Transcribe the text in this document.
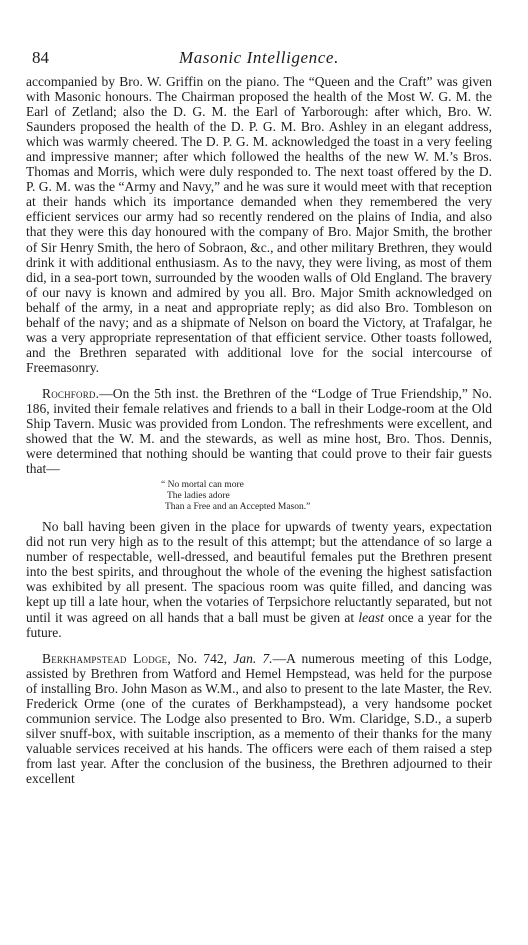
84	Masonic Intelligence.

accompanied by Bro. W. Griffin on the piano. The “Queen and the Craft” was given with Masonic honours. The Chairman proposed the health of the Most W. G. M. the Earl of Zetland; also the D. G. M. the Earl of Yarborough: after which, Bro. W. Saunders proposed the health of the D. P. G. M. Bro. Ashley in an elegant address, which was warmly cheered. The D. P. G. M. acknowledged the toast in a very feeling and impressive manner; after which followed the healths of the new W. M.’s Bros. Thomas and Morris, which were duly responded to. The next toast offered by the D. P. G. M. was the “Army and Navy,” and he was sure it would meet with that reception at their hands which its importance demanded when they remembered the very efficient services our army had so recently rendered on the plains of India, and also that they were this day honoured with the company of Bro. Major Smith, the brother of Sir Henry Smith, the hero of Sobraon, &c., and other military Brethren, they would drink it with additional enthusiasm. As to the navy, they were living, as most of them did, in a sea-port town, surrounded by the wooden walls of Old England. The bravery of our navy is known and admired by you all. Bro. Major Smith acknowledged on behalf of the army, in a neat and appropriate reply; as did also Bro. Tombleson on behalf of the navy; and as a shipmate of Nelson on board the Victory, at Trafalgar, he was a very appropriate representation of that efficient service. Other toasts followed, and the Brethren separated with additional love for the social intercourse of Freemasonry.

Rochford.—On the 5th inst. the Brethren of the “Lodge of True Friendship,” No. 186, invited their female relatives and friends to a ball in their Lodge-room at the Old Ship Tavern. Music was provided from London. The refreshments were excellent, and showed that the W. M. and the stewards, as well as mine host, Bro. Thos. Dennis, were determined that nothing should be wanting that could prove to their fair guests that—

“ No mortal can more
The ladies adore
Than a Free and an Accepted Mason.”

No ball having been given in the place for upwards of twenty years, expectation did not run very high as to the result of this attempt; but the attendance of so large a number of respectable, well-dressed, and beautiful females put the Brethren present into the best spirits, and throughout the whole of the evening the highest satisfaction was exhibited by all present. The spacious room was quite filled, and dancing was kept up till a late hour, when the votaries of Terpsichore reluctantly separated, but not until it was agreed on all hands that a ball must be given at least once a year for the future.

Berkhampstead Lodge, No. 742, Jan. 7.—A numerous meeting of this Lodge, assisted by Brethren from Watford and Hemel Hempstead, was held for the purpose of installing Bro. John Mason as W.M., and also to present to the late Master, the Rev. Frederick Orme (one of the curates of Berkhampstead), a very handsome pocket communion service. The Lodge also presented to Bro. Wm. Claridge, S.D., a superb silver snuff-box, with suitable inscription, as a memento of their thanks for the many valuable services received at his hands. The officers were each of them raised a step from last year. After the conclusion of the business, the Brethren adjourned to their excellent
